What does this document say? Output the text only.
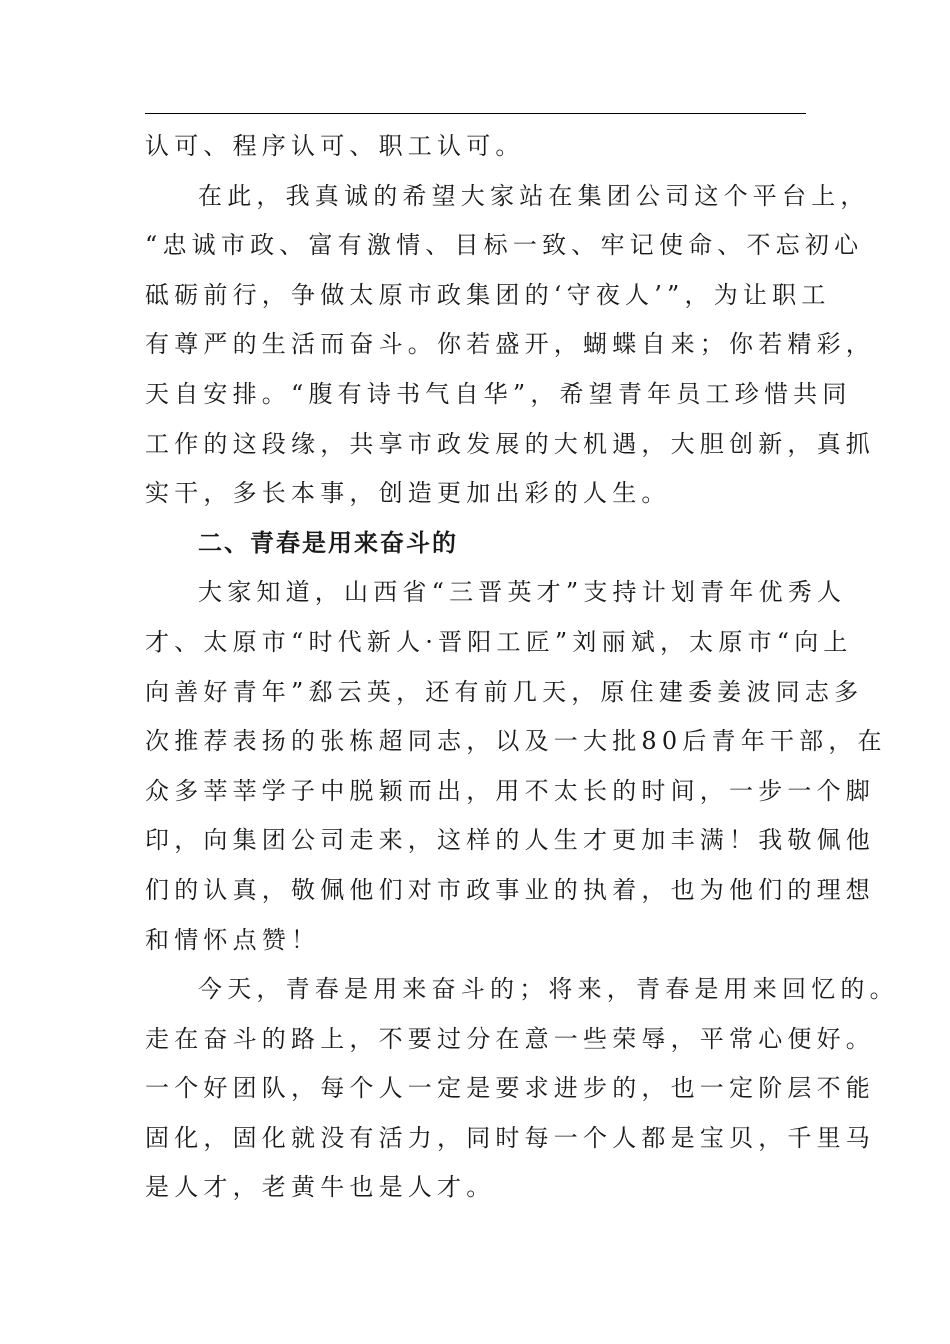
认可、程序认可、职工认可。
在此，我真诚的希望大家站在集团公司这个平台上，
“忠诚市政、富有激情、目标一致、牢记使命、不忘初心
砥砺前行，争做太原市政集团的‘守夜人’”，为让职工
有尊严的生活而奋斗。你若盛开，蝴蝶自来；你若精彩，
天自安排。“腹有诗书气自华”，希望青年员工珍惜共同
工作的这段缘，共享市政发展的大机遇，大胆创新，真抓
实干，多长本事，创造更加出彩的人生。
二、青春是用来奋斗的
大家知道，山西省“三晋英才”支持计划青年优秀人
才、太原市“时代新人·晋阳工匠”刘丽斌，太原市“向上
向善好青年”郄云英，还有前几天，原住建委姜波同志多
次推荐表扬的张栋超同志，以及一大批80后青年干部，在
众多莘莘学子中脱颖而出，用不太长的时间，一步一个脚
印，向集团公司走来，这样的人生才更加丰满！我敬佩他
们的认真，敬佩他们对市政事业的执着，也为他们的理想
和情怀点赞！
今天，青春是用来奋斗的；将来，青春是用来回忆的。
走在奋斗的路上，不要过分在意一些荣辱，平常心便好。
一个好团队，每个人一定是要求进步的，也一定阶层不能
固化，固化就没有活力，同时每一个人都是宝贝，千里马
是人才，老黄牛也是人才。
